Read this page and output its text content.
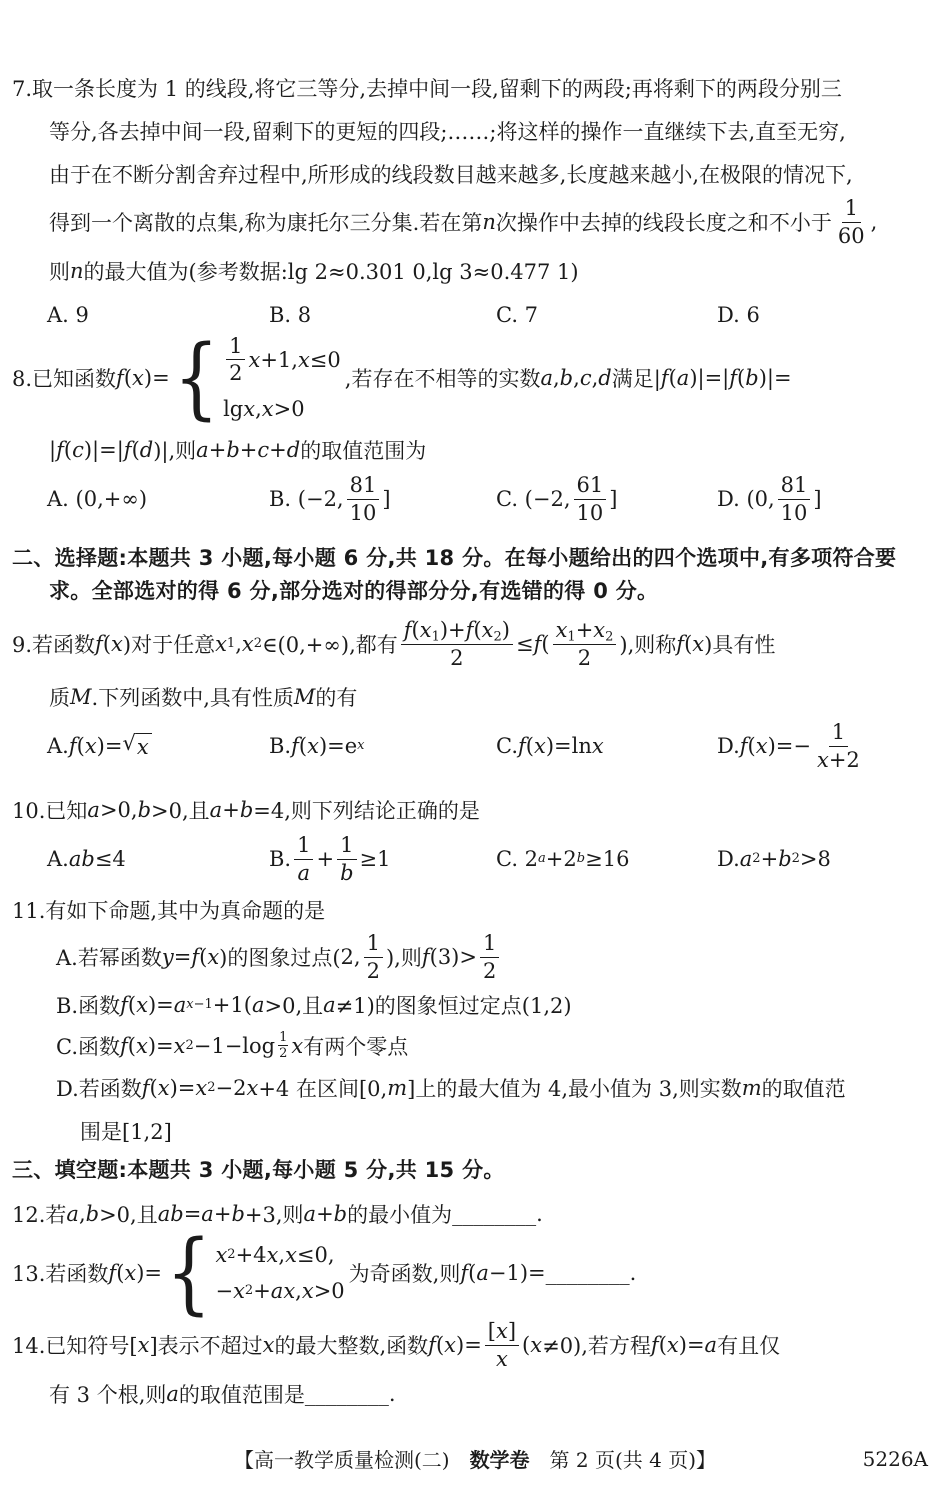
7.取一条长度为 1 的线段,将它三等分,去掉中间一段,留剩下的两段;再将剩下的两段分别三
等分,各去掉中间一段,留剩下的更短的四段;……;将这样的操作一直继续下去,直至无穷,
由于在不断分割舍弃过程中,所形成的线段数目越来越多,长度越来越小,在极限的情况下,
得到一个离散的点集,称为康托尔三分集.若在第 n 次操作中去掉的线段长度之和不小于 $\frac{1}{60}$ ,
则 n 的最大值为(参考数据:lg 2≈0.301 0,lg 3≈0.477 1)
A. 9	B. 8	C. 7	D. 6
8.已知函数 f ( x )= { $\frac{1}{2}$ x +1, x ≤0
lg x , x >0
,若存在不相等的实数 a , b , c , d 满足| f ( a )|=| f ( b )|=
| f ( c )|=| f ( d )|,则 a + b + c + d 的取值范围为
A. (0,+∞)	B. (−2, $\frac{81}{10}$ ]	C. (−2, $\frac{61}{10}$ ]	D. (0, $\frac{81}{10}$ ]
二、选择题:本题共 3 小题,每小题 6 分,共 18 分。在每小题给出的四个选项中,有多项符合要
求。全部选对的得 6 分,部分选对的得部分分,有选错的得 0 分。
9.若函数 f ( x )对于任意 x 1 , x 2 ∈(0,+∞),都有 $\frac{f(x_1)+f(x_2)}{2} \le f$ ( $\frac{x_1+x_2}{2}$ ),则称 f ( x )具有性
质 M .下列函数中,具有性质 M 的有
A. f ( x )= √ x	B. f ( x )=e x	C. f ( x )=ln x	D. f ( x )=− $\frac{1}{x+2}$
10.已知 a >0, b >0,且 a + b =4,则下列结论正确的是
A. ab ≤4	B. $\frac{1}{a} + \frac{1}{b} \ge 1$	C. 2 a +2 b ≥16	D. a 2 + b 2 >8
11.有如下命题,其中为真命题的是
A.若幂函数 y = f ( x )的图象过点( 2, $\frac{1}{2}$ ),则 f $(3)> \frac{1}{2}$
B.函数 f ( x )= a x−1 +1( a >0,且 a ≠1)的图象恒过定点(1,2)
C.函数 f ( x )= x $2 -1-\log \frac{1}{2}$ x 有两个零点
D.若函数 f ( x )= x 2 −2 x +4 在区间[0, m ]上的最大值为 4,最小值为 3,则实数 m 的取值范
围是[1,2]
三、填空题:本题共 3 小题,每小题 5 分,共 15 分。
12.若 a , b >0,且 ab = a + b +3,则 a + b 的最小值为 ________ .
13.若函数 f ( x )= { x 2 +4 x , x ≤0,
− x 2 + ax , x >0
为奇函数,则 f ( a −1)= ________ .
14.已知符号[ x ]表示不超过 x 的最大整数,函数 f ( x )= $\frac{[x]}{x}$ ( x ≠0),若方程 f ( x )= a 有且仅
有 3 个根,则 a 的取值范围是 ________ .
【高一教学质量检测(二)　数学卷　第 2 页(共 4 页)】	5226A
